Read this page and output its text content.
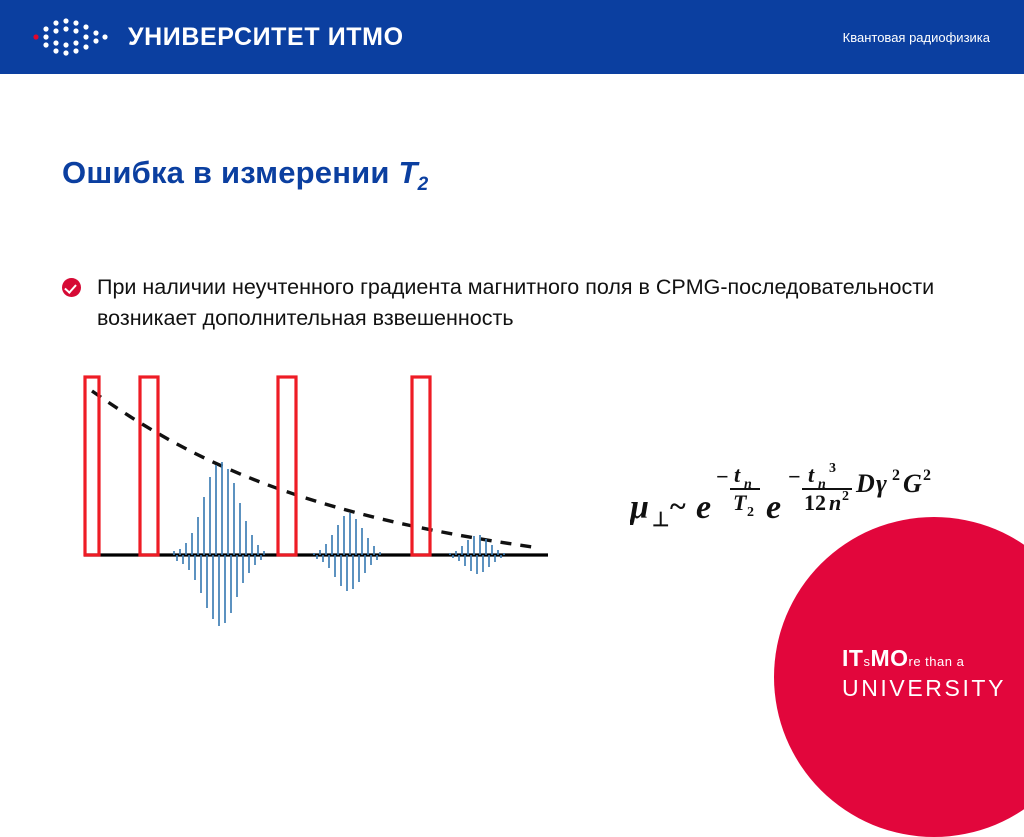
УНИВЕРСИТЕТ ИТМО	Квантовая радиофизика
Ошибка в измерении $T_2$
При наличии неучтенного градиента магнитного поля в CPMG-последовательности возникает дополнительная взвешенность
μ ⊥ ~ e
− t n
T 2 e
− t n
3
12 n 2 D γ 2 G 2
ITsMOre than a
UNIVERSITY
